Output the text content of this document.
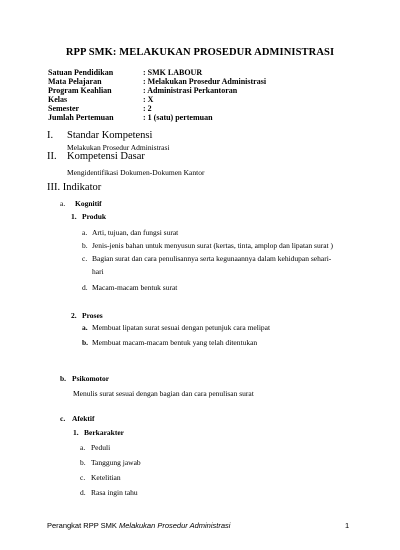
RPP SMK: MELAKUKAN PROSEDUR ADMINISTRASI
Satuan Pendidikan	: SMK LABOUR
Mata Pelajaran	: Melakukan Prosedur Administrasi
Program Keahlian	: Administrasi Perkantoran
Kelas	: X
Semester	: 2
Jumlah Pertemuan	: 1 (satu) pertemuan
I. Standar Kompetensi
Melakukan Prosedur Administrasi
II. Kompetensi Dasar
Mengidentifikasi Dokumen-Dokumen Kantor
III. Indikator
a. Kognitif
1. Produk
a. Arti, tujuan, dan fungsi surat
b. Jenis-jenis bahan untuk menyusun surat (kertas, tinta, amplop dan lipatan surat )
c. Bagian surat dan cara penulisannya serta kegunaannya dalam kehidupan sehari-
hari
d. Macam-macam bentuk surat
2. Proses
a. Membuat lipatan surat sesuai dengan petunjuk cara melipat
b. Membuat macam-macam bentuk yang telah ditentukan
b. Psikomotor
Menulis surat sesuai dengan bagian dan cara penulisan surat
c. Afektif
1. Berkarakter
a. Peduli
b. Tanggung jawab
c. Ketelitian
d. Rasa ingin tahu
Perangkat RPP SMK Melakukan Prosedur Administrasi	1
